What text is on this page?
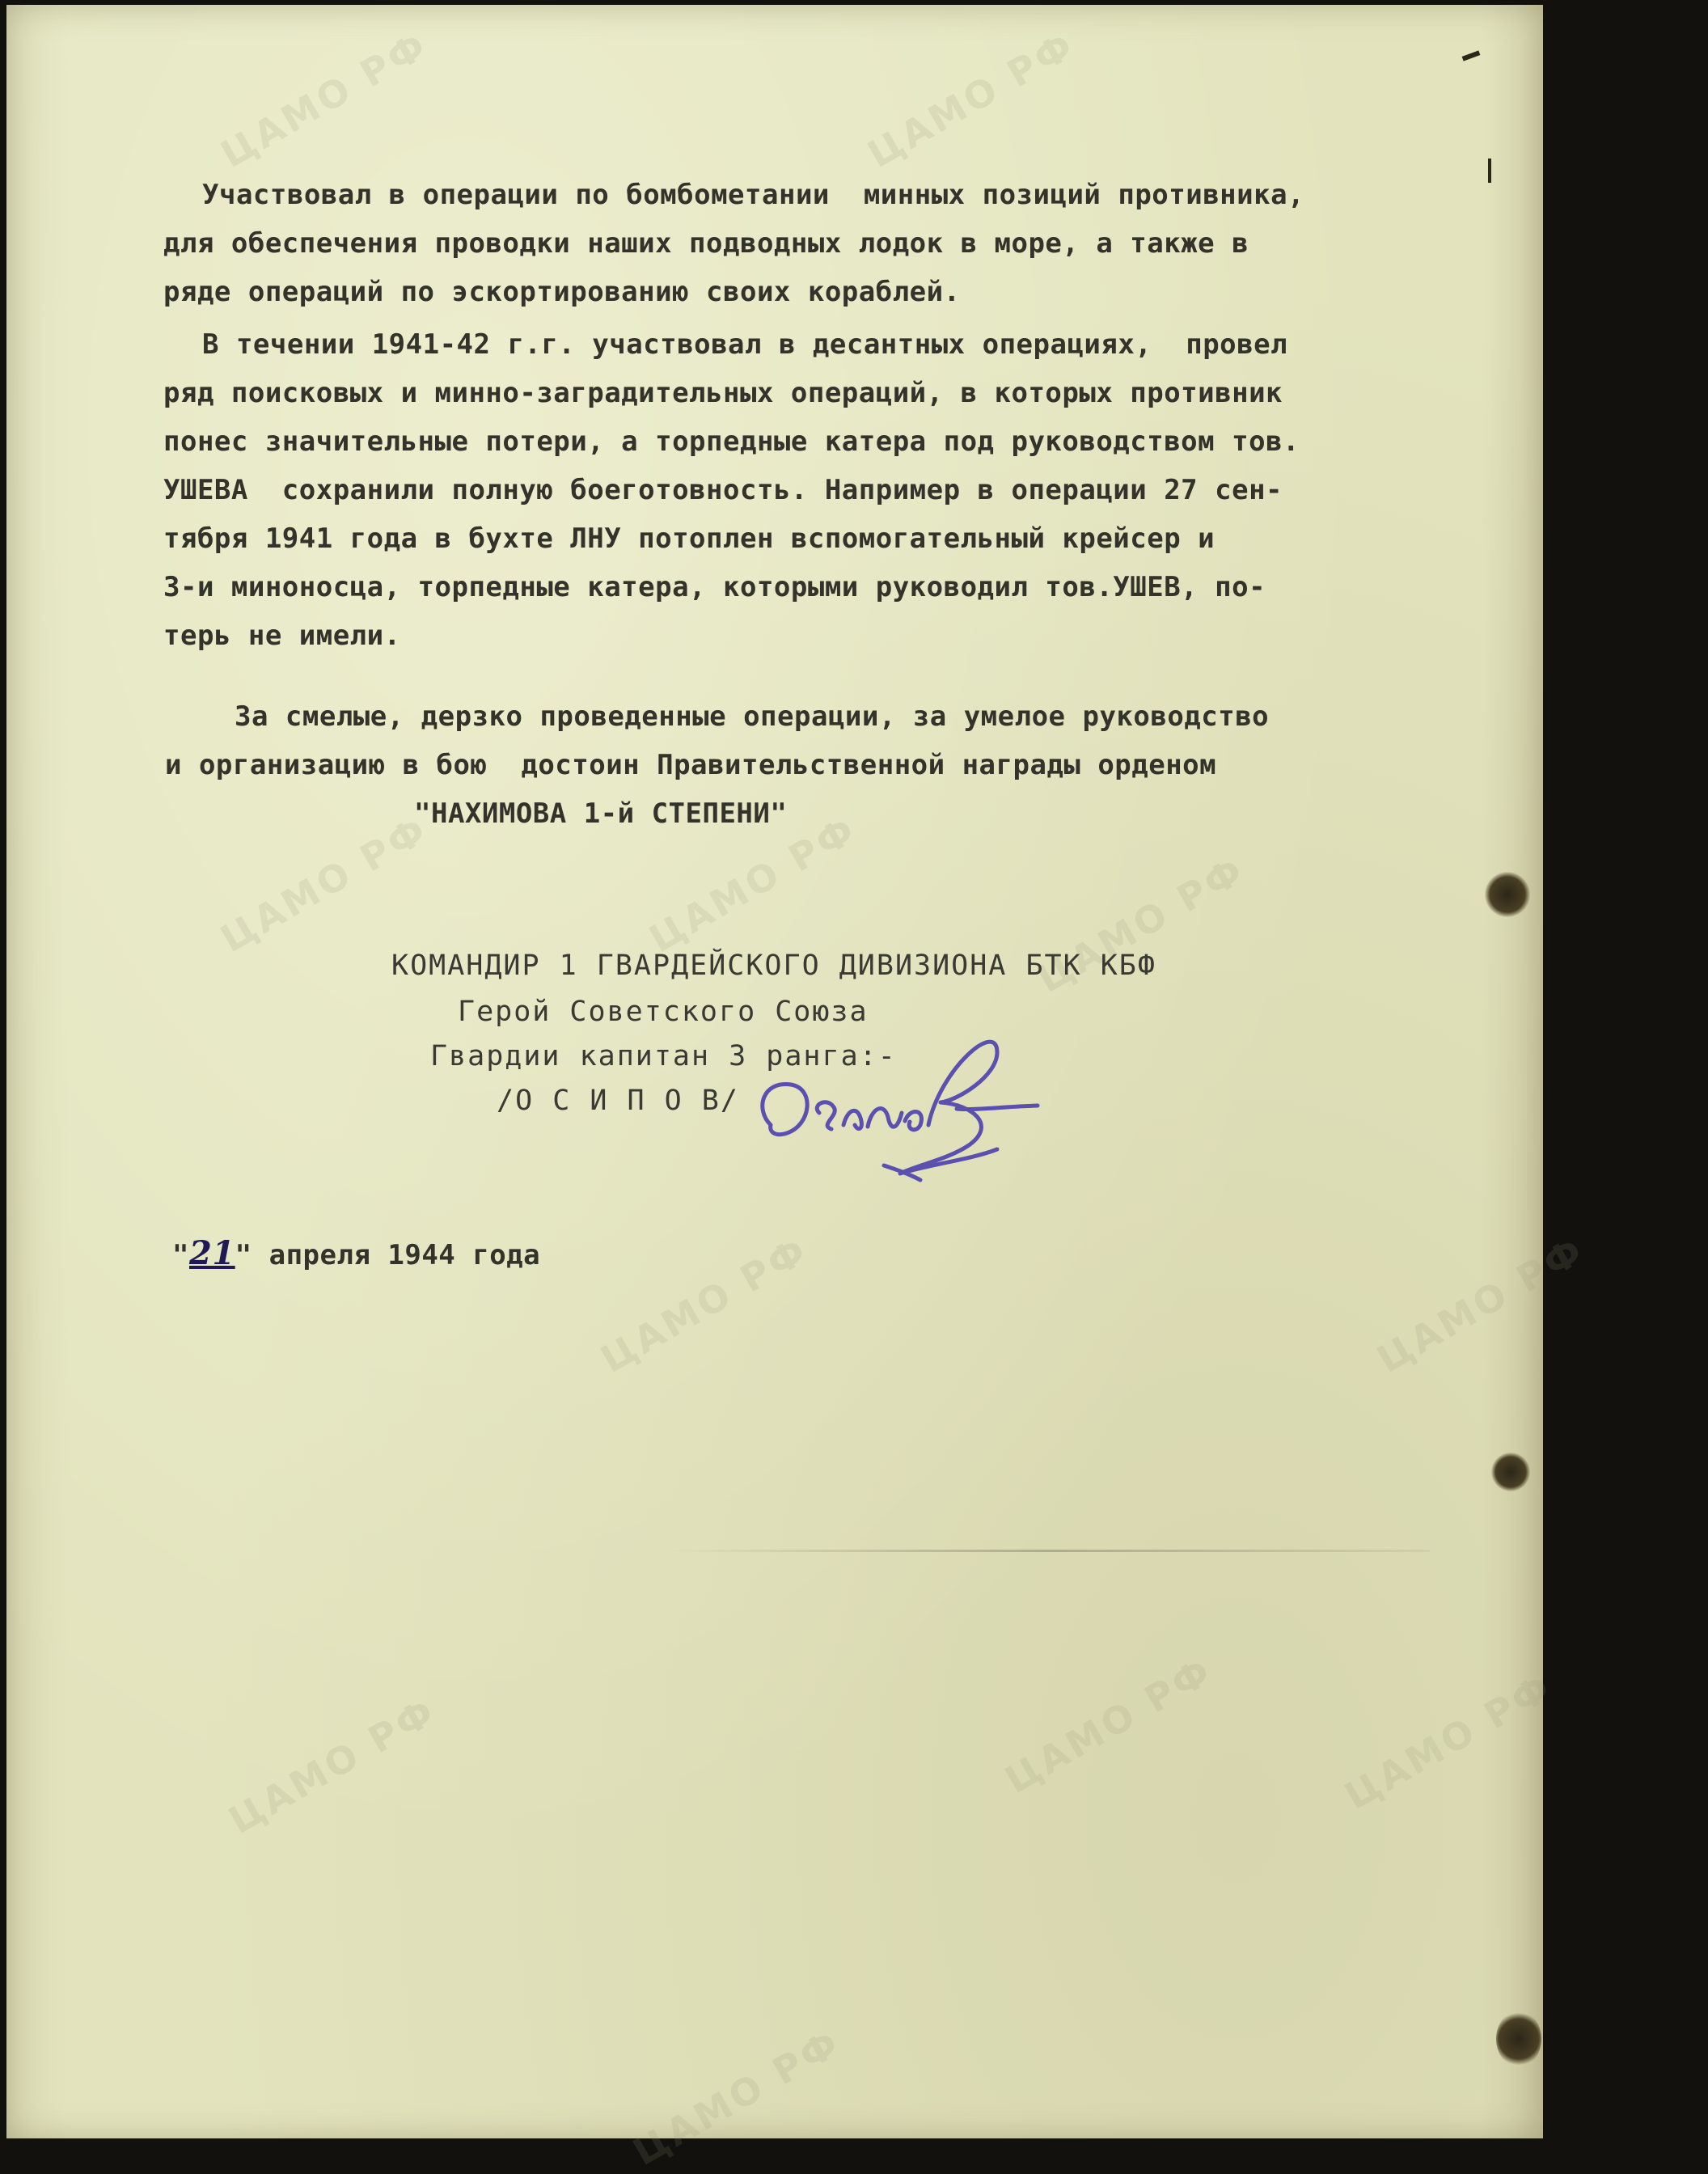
ЦАМО РФ	ЦАМО РФ
ЦАМО РФ	ЦАМО РФ	ЦАМО РФ
ЦАМО РФ	ЦАМО РФ
ЦАМО РФ	ЦАМО РФ	ЦАМО РФ
ЦАМО РФ
Участвовал в операции по бомбометании  минных позиций противника,
для обеспечения проводки наших подводных лодок в море, а также в
ряде операций по эскортированию своих кораблей.
В течении 1941-42 г.г. участвовал в десантных операциях,  провел
ряд поисковых и минно-заградительных операций, в которых противник
понес значительные потери, а торпедные катера под руководством тов.
УШЕВА  сохранили полную боеготовность. Например в операции 27 сен-
тября 1941 года в бухте ЛНУ потоплен вспомогательный крейсер и
3-и миноносца, торпедные катера, которыми руководил тов.УШЕВ, по-
терь не имели.
За смелые, дерзко проведенные операции, за умелое руководство
и организацию в бою  достоин Правительственной награды орденом
"НАХИМОВА 1-й СТЕПЕНИ"
КОМАНДИР 1 ГВАРДЕЙСКОГО ДИВИЗИОНА БТК КБФ
Герой Советского Союза
Гвардии капитан 3 ранга:-
/О С И П О В/
"21" апреля 1944 года
